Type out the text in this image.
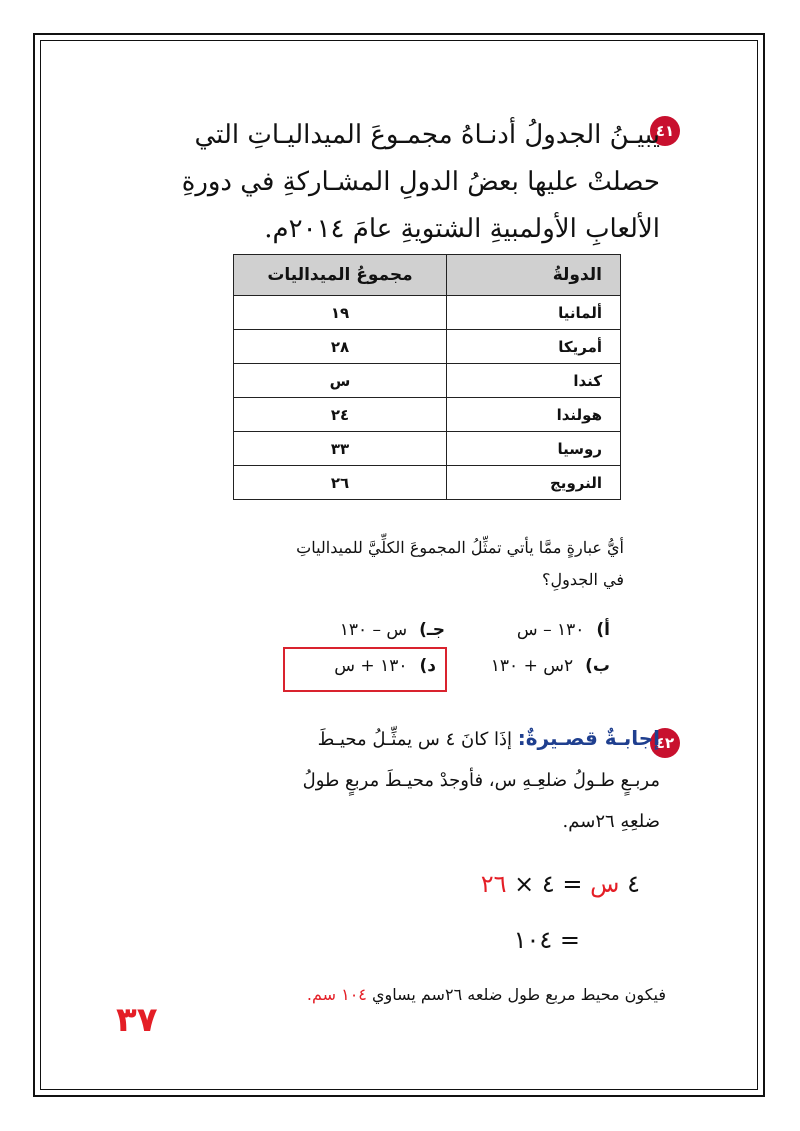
٤١
يبيـنُ الجدولُ أدنـاهُ مجمـوعَ الميداليـاتِ التي
حصلتْ عليها بعضُ الدولِ المشـاركةِ في دورةِ
الألعابِ الأولمبيةِ الشتويةِ عامَ ٢٠١٤م.
الدولةُ	مجموعُ الميداليات
ألمانيا	١٩
أمريكا	٢٨
كندا	س
هولندا	٢٤
روسيا	٣٣
النرويج	٢٦
أيُّ عبارةٍ ممَّا يأتي تمثِّلُ المجموعَ الكلِّيَّ للميدالياتِ
في الجدولِ؟
أ)١٣٠ – س
جـ)س – ١٣٠
ب)٢س + ١٣٠
د)١٣٠ + س
٤٢
إجابـةٌ قصـيرةٌ: إذَا كانَ ٤ س يمثِّـلُ محيـطَ
مربـعٍ طـولُ ضلعِـهِ س، فأوجدْ محيـطَ مربعٍ طولُ
ضلعِهِ ٢٦سم.
٤ س = ٤ × ٢٦
= ١٠٤
فيكون محيط مربع طول ضلعه ٢٦سم يساوي ١٠٤ سم.
٣٧
